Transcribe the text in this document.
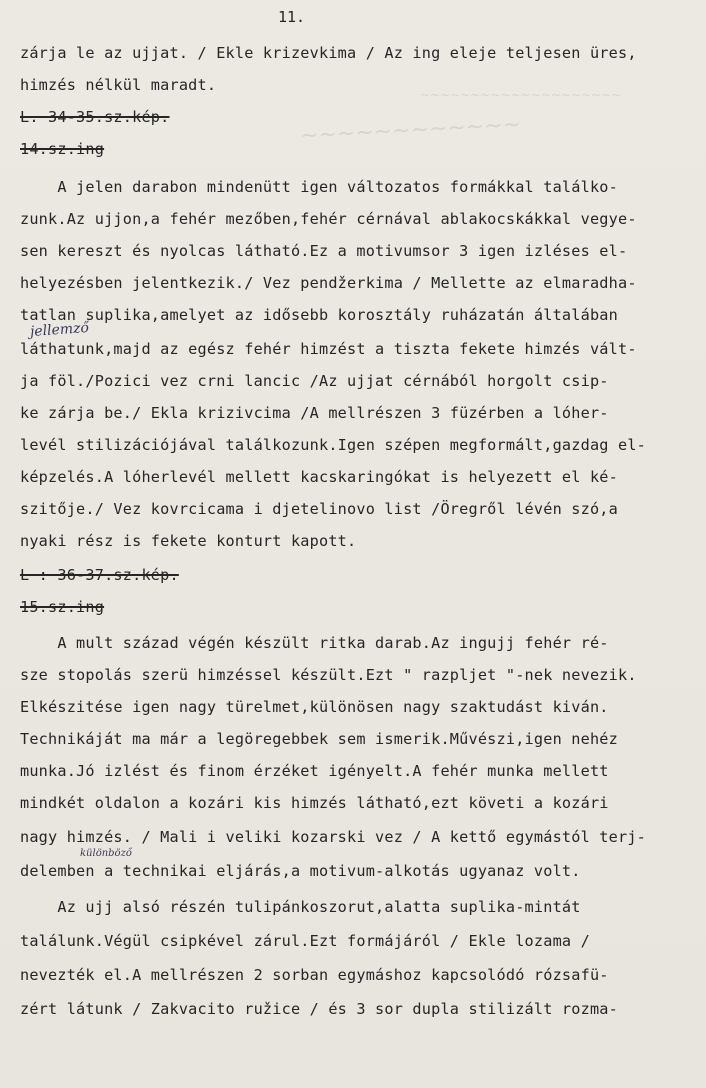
11.
~~~~~~~~~~~~
~~~~~~~~~~~~~~~~~~~~
zárja le az ujjat. / Ekle krizevkima / Az ing eleje teljesen üres,
himzés nélkül maradt.
L. 34-35.sz.kép.
14.sz.ing
A jelen darabon mindenütt igen változatos formákkal találko-
zunk.Az ujjon,a fehér mezőben,fehér cérnával ablakocskákkal vegye-
sen kereszt és nyolcas látható.Ez a motivumsor 3 igen izléses el-
helyezésben jelentkezik./ Vez pendžerkima / Mellette az elmaradha-
tatlan suplika,amelyet az idősebb korosztály ruházatán általában
jellemző
láthatunk,majd az egész fehér himzést a tiszta fekete himzés vált-
ja föl./Pozici vez crni lancic /Az ujjat cérnából horgolt csip-
ke zárja be./ Ekla krizivcima /A mellrészen 3 füzérben a lóher-
levél stilizációjával találkozunk.Igen szépen megformált,gazdag el-
képzelés.A lóherlevél mellett kacskaringókat is helyezett el ké-
szitője./ Vez kovrcicama i djetelinovo list /Öregről lévén szó,a
nyaki rész is fekete konturt kapott.
L : 36-37.sz.kép.
15.sz.ing
A mult század végén készült ritka darab.Az ingujj fehér ré-
sze stopolás szerü himzéssel készült.Ezt " razpljet "-nek nevezik.
Elkészitése igen nagy türelmet,különösen nagy szaktudást kiván.
Technikáját ma már a legöregebbek sem ismerik.Művészi,igen nehéz
munka.Jó izlést és finom érzéket igényelt.A fehér munka mellett
mindkét oldalon a kozári kis himzés látható,ezt követi a kozári
nagy himzés. / Mali i veliki kozarski vez / A kettő egymástól terj-
különböző
delemben a technikai eljárás,a motivum-alkotás ugyanaz volt.
Az ujj alsó részén tulipánkoszorut,alatta suplika-mintát
találunk.Végül csipkével zárul.Ezt formájáról / Ekle lozama /
nevezték el.A mellrészen 2 sorban egymáshoz kapcsolódó rózsafü-
zért látunk / Zakvacito ružice / és 3 sor dupla stilizált rozma-
